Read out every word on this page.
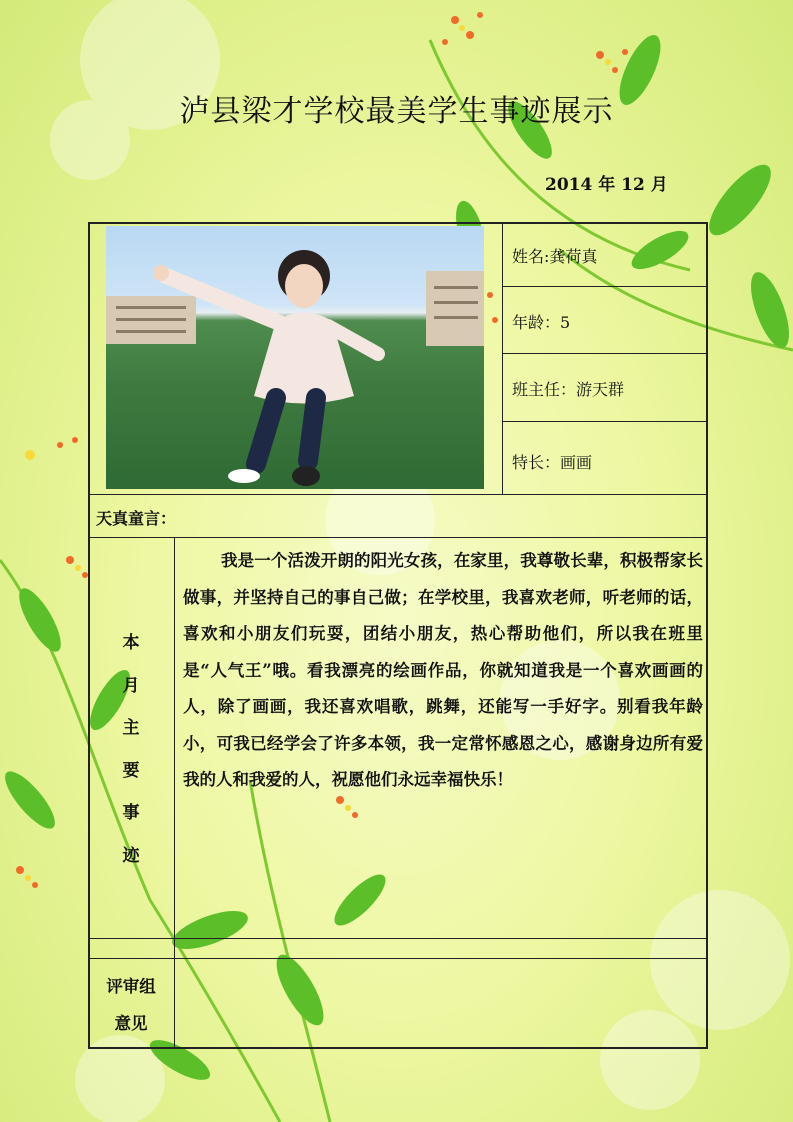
泸县梁才学校最美学生事迹展示
2014 年 12 月
姓名:龚荷真
年龄：5
班主任：游天群
特长：画画
天真童言：
本
月
主
要
事
迹
我是一个活泼开朗的阳光女孩，在家里，我尊敬长辈，积极帮家长做事，并坚持自己的事自己做；在学校里，我喜欢老师，听老师的话，喜欢和小朋友们玩耍，团结小朋友，热心帮助他们，所以我在班里是“人气王”哦。看我漂亮的绘画作品，你就知道我是一个喜欢画画的人，除了画画，我还喜欢唱歌，跳舞，还能写一手好字。别看我年龄小，可我已经学会了许多本领，我一定常怀感恩之心，感谢身边所有爱我的人和我爱的人，祝愿他们永远幸福快乐！
评审组
意见
